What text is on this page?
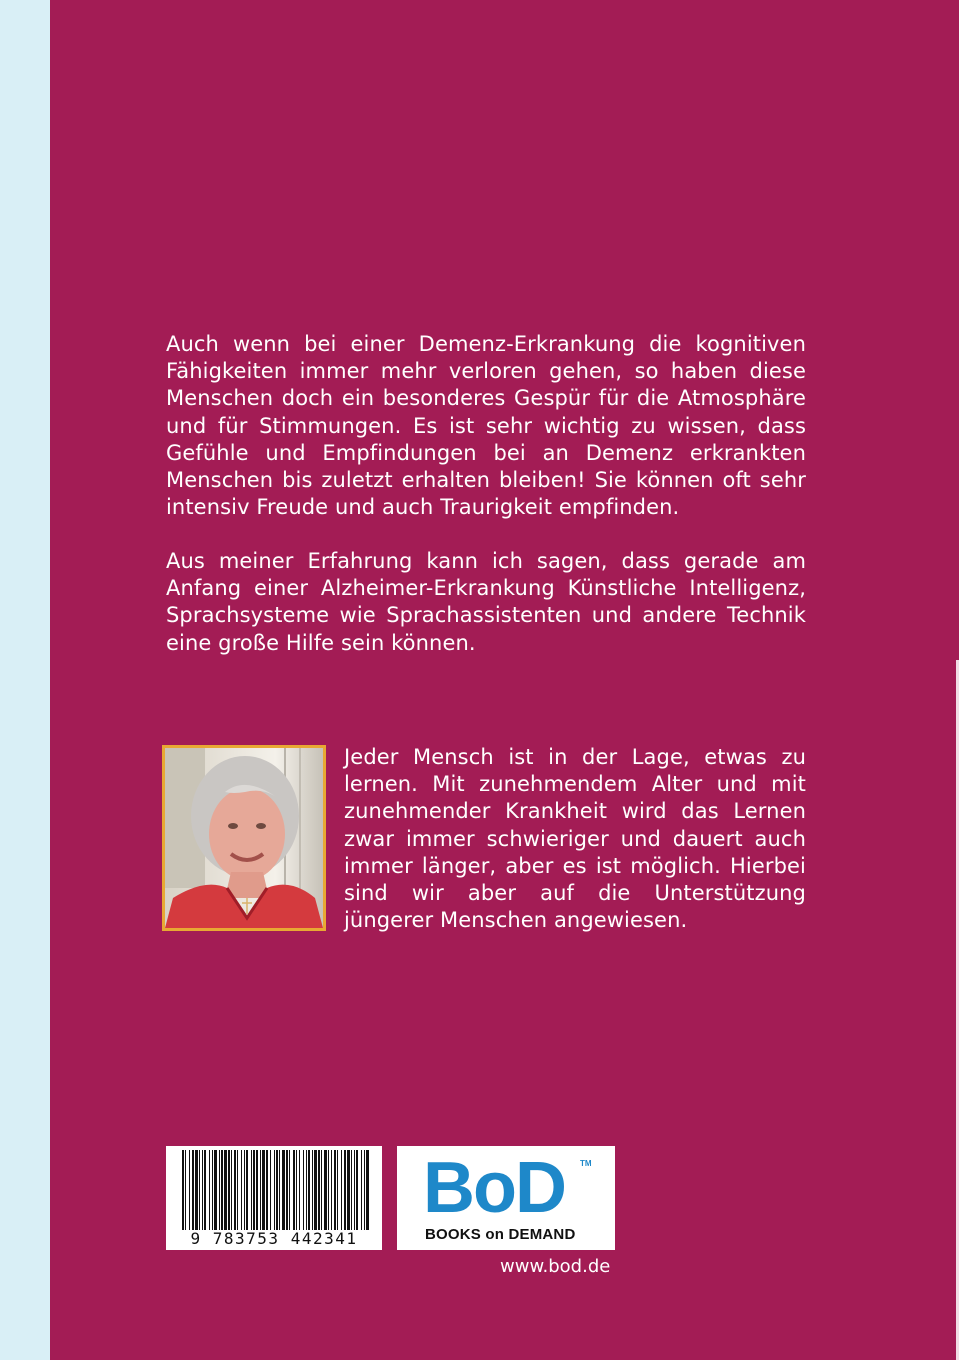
Auch wenn bei einer Demenz-Erkrankung die kognitiven Fähigkeiten immer mehr verloren gehen, so haben diese Menschen doch ein besonderes Gespür für die Atmosphäre und für Stimmungen. Es ist sehr wichtig zu wissen, dass Gefühle und Empfindungen bei an Demenz erkrankten Menschen bis zuletzt erhalten bleiben! Sie können oft sehr intensiv Freude und auch Traurigkeit empfinden.

Aus meiner Erfahrung kann ich sagen, dass gerade am Anfang einer Alzheimer-Erkrankung Künstliche Intelligenz, Sprachsysteme wie Sprachassistenten und andere Technik eine große Hilfe sein können.

Jeder Mensch ist in der Lage, etwas zu lernen. Mit zunehmendem Alter und mit zunehmender Krankheit wird das Lernen zwar immer schwieriger und dauert auch immer länger, aber es ist möglich. Hierbei sind wir aber auf die Unterstützung jüngerer Menschen angewiesen.

9 783753 442341
BoD TM
BOOKS on DEMAND
www.bod.de
